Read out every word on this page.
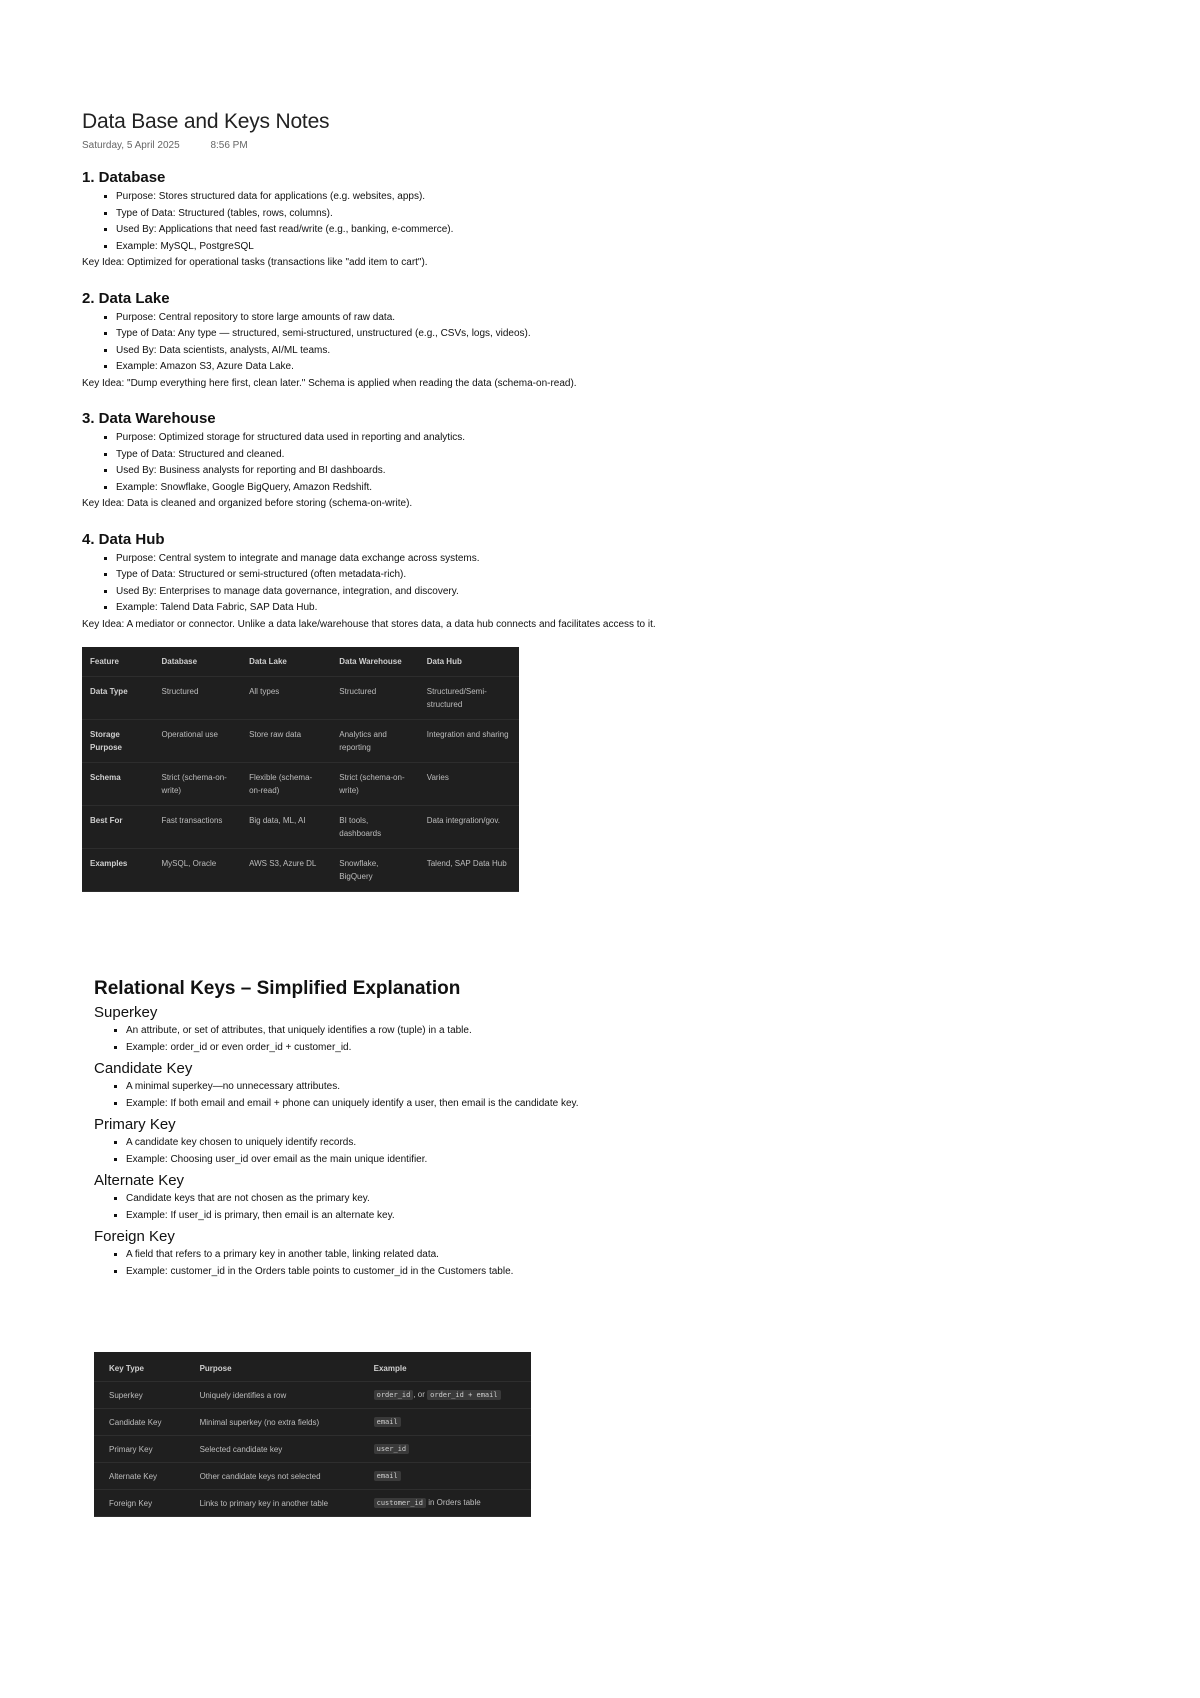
Data Base and Keys Notes
Saturday, 5 April 2025	8:56 PM
1. Database
▪ Purpose: Stores structured data for applications (e.g. websites, apps).
▪ Type of Data: Structured (tables, rows, columns).
▪ Used By: Applications that need fast read/write (e.g., banking, e-commerce).
▪ Example: MySQL, PostgreSQL
Key Idea: Optimized for operational tasks (transactions like "add item to cart").
2. Data Lake
▪ Purpose: Central repository to store large amounts of raw data.
▪ Type of Data: Any type — structured, semi-structured, unstructured (e.g., CSVs, logs, videos).
▪ Used By: Data scientists, analysts, AI/ML teams.
▪ Example: Amazon S3, Azure Data Lake.
Key Idea: "Dump everything here first, clean later." Schema is applied when reading the data (schema-on-read).
3. Data Warehouse
▪ Purpose: Optimized storage for structured data used in reporting and analytics.
▪ Type of Data: Structured and cleaned.
▪ Used By: Business analysts for reporting and BI dashboards.
▪ Example: Snowflake, Google BigQuery, Amazon Redshift.
Key Idea: Data is cleaned and organized before storing (schema-on-write).
4. Data Hub
▪ Purpose: Central system to integrate and manage data exchange across systems.
▪ Type of Data: Structured or semi-structured (often metadata-rich).
▪ Used By: Enterprises to manage data governance, integration, and discovery.
▪ Example: Talend Data Fabric, SAP Data Hub.
Key Idea: A mediator or connector. Unlike a data lake/warehouse that stores data, a data hub connects and facilitates access to it.
Feature	Database	Data Lake	Data Warehouse	Data Hub
Data Type	Structured	All types	Structured	Structured/Semi-structured
Storage Purpose	Operational use	Store raw data	Analytics and reporting	Integration and sharing
Schema	Strict (schema-on-write)	Flexible (schema-on-read)	Strict (schema-on-write)	Varies
Best For	Fast transactions	Big data, ML, AI	BI tools, dashboards	Data integration/gov.
Examples	MySQL, Oracle	AWS S3, Azure DL	Snowflake, BigQuery	Talend, SAP Data Hub
Relational Keys – Simplified Explanation
Superkey
▪ An attribute, or set of attributes, that uniquely identifies a row (tuple) in a table.
▪ Example: order_id or even order_id + customer_id.
Candidate Key
▪ A minimal superkey—no unnecessary attributes.
▪ Example: If both email and email + phone can uniquely identify a user, then email is the candidate key.
Primary Key
▪ A candidate key chosen to uniquely identify records.
▪ Example: Choosing user_id over email as the main unique identifier.
Alternate Key
▪ Candidate keys that are not chosen as the primary key.
▪ Example: If user_id is primary, then email is an alternate key.
Foreign Key
▪ A field that refers to a primary key in another table, linking related data.
▪ Example: customer_id in the Orders table points to customer_id in the Customers table.
Key Type	Purpose	Example
Superkey	Uniquely identifies a row	order_id , or order_id + email
Candidate Key	Minimal superkey (no extra fields)	email
Primary Key	Selected candidate key	user_id
Alternate Key	Other candidate keys not selected	email
Foreign Key	Links to primary key in another table	customer_id in Orders table
